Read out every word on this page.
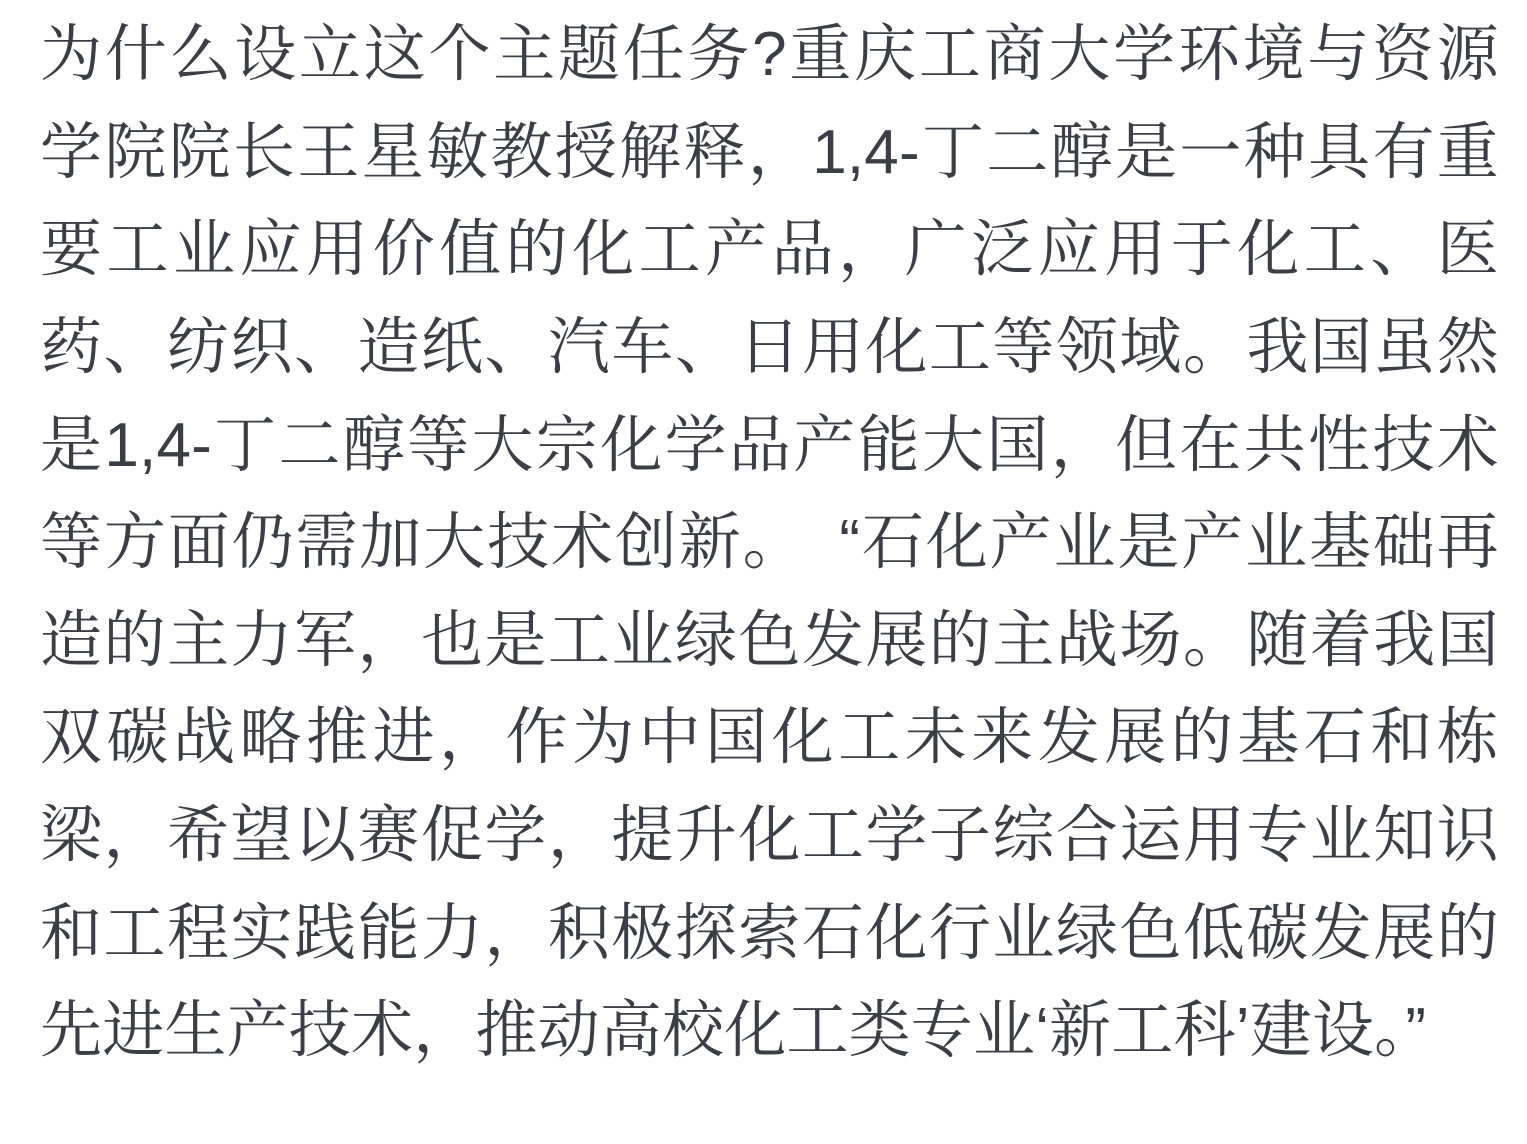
为什么设立这个主题任务?重庆工商大学环境与资源学院院长王星敏教授解释，1,4-丁二醇是一种具有重要工业应用价值的化工产品，广泛应用于化工、医药、纺织、造纸、汽车、日用化工等领域。我国虽然是1,4-丁二醇等大宗化学品产能大国，但在共性技术等方面仍需加大技术创新。　“石化产业是产业基础再造的主力军，也是工业绿色发展的主战场。随着我国双碳战略推进，作为中国化工未来发展的基石和栋梁，希望以赛促学，提升化工学子综合运用专业知识和工程实践能力，积极探索石化行业绿色低碳发展的先进生产技术，推动高校化工类专业‘新工科’建设。”
